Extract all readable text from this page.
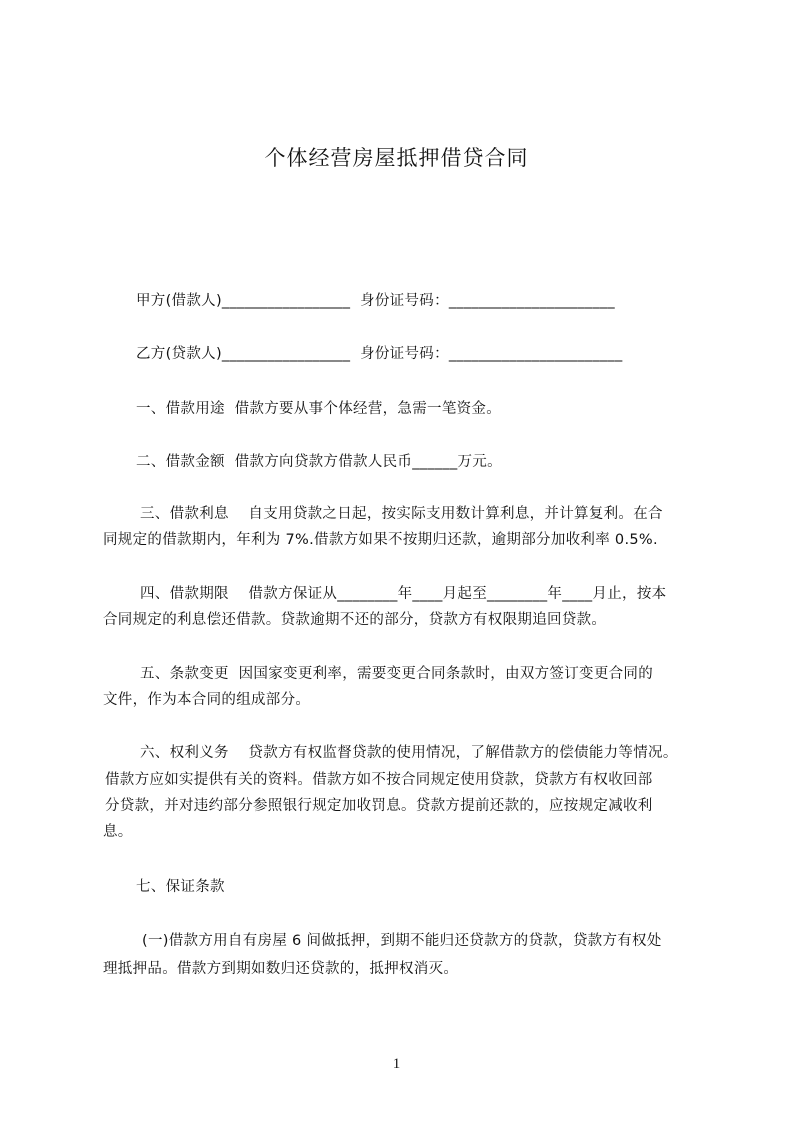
个体经营房屋抵押借贷合同
甲方(借款人)_________________  身份证号码：______________________
乙方(贷款人)_________________  身份证号码：_______________________
一、借款用途  借款方要从事个体经营，急需一笔资金。
二、借款金额  借款方向贷款方借款人民币______万元。
三、借款利息    自支用贷款之日起，按实际支用数计算利息，并计算复利。在合
同规定的借款期内，年利为 7%.借款方如果不按期归还款，逾期部分加收利率 0.5%.
四、借款期限    借款方保证从________年____月起至________年____月止，按本
合同规定的利息偿还借款。贷款逾期不还的部分，贷款方有权限期追回贷款。
五、条款变更  因国家变更利率，需要变更合同条款时，由双方签订变更合同的
文件，作为本合同的组成部分。
六、权利义务    贷款方有权监督贷款的使用情况，了解借款方的偿债能力等情况。
借款方应如实提供有关的资料。借款方如不按合同规定使用贷款，贷款方有权收回部
分贷款，并对违约部分参照银行规定加收罚息。贷款方提前还款的，应按规定减收利
息。
七、保证条款
(一)借款方用自有房屋 6 间做抵押，到期不能归还贷款方的贷款，贷款方有权处
理抵押品。借款方到期如数归还贷款的，抵押权消灭。
1
